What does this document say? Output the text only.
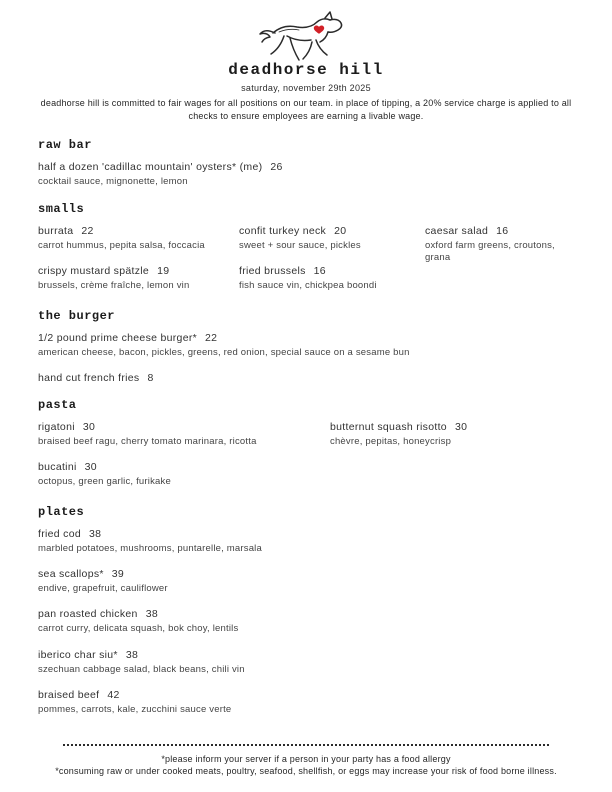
deadhorse hill
saturday, november 29th 2025
deadhorse hill is committed to fair wages for all positions on our team. in place of tipping, a 20% service charge is applied to all checks to ensure employees are earning a livable wage.
raw bar
half a dozen 'cadillac mountain' oysters* (me) 26
cocktail sauce, mignonette, lemon
smalls
burrata 22
carrot hummus, pepita salsa, foccacia
crispy mustard spätzle 19
brussels, crème fraîche, lemon vin
confit turkey neck 20
sweet + sour sauce, pickles
fried brussels 16
fish sauce vin, chickpea boondi
caesar salad 16
oxford farm greens, croutons, grana
the burger
1/2 pound prime cheese burger* 22
american cheese, bacon, pickles, greens, red onion, special sauce on a sesame bun
hand cut french fries 8
pasta
rigatoni 30
braised beef ragu, cherry tomato marinara, ricotta
bucatini 30
octopus, green garlic, furikake
butternut squash risotto 30
chèvre, pepitas, honeycrisp
plates
fried cod 38
marbled potatoes, mushrooms, puntarelle, marsala
sea scallops* 39
endive, grapefruit, cauliflower
pan roasted chicken 38
carrot curry, delicata squash, bok choy, lentils
iberico char siu* 38
szechuan cabbage salad, black beans, chili vin
braised beef 42
pommes, carrots, kale, zucchini sauce verte
*please inform your server if a person in your party has a food allergy
*consuming raw or under cooked meats, poultry, seafood, shellfish, or eggs may increase your risk of food borne illness.
